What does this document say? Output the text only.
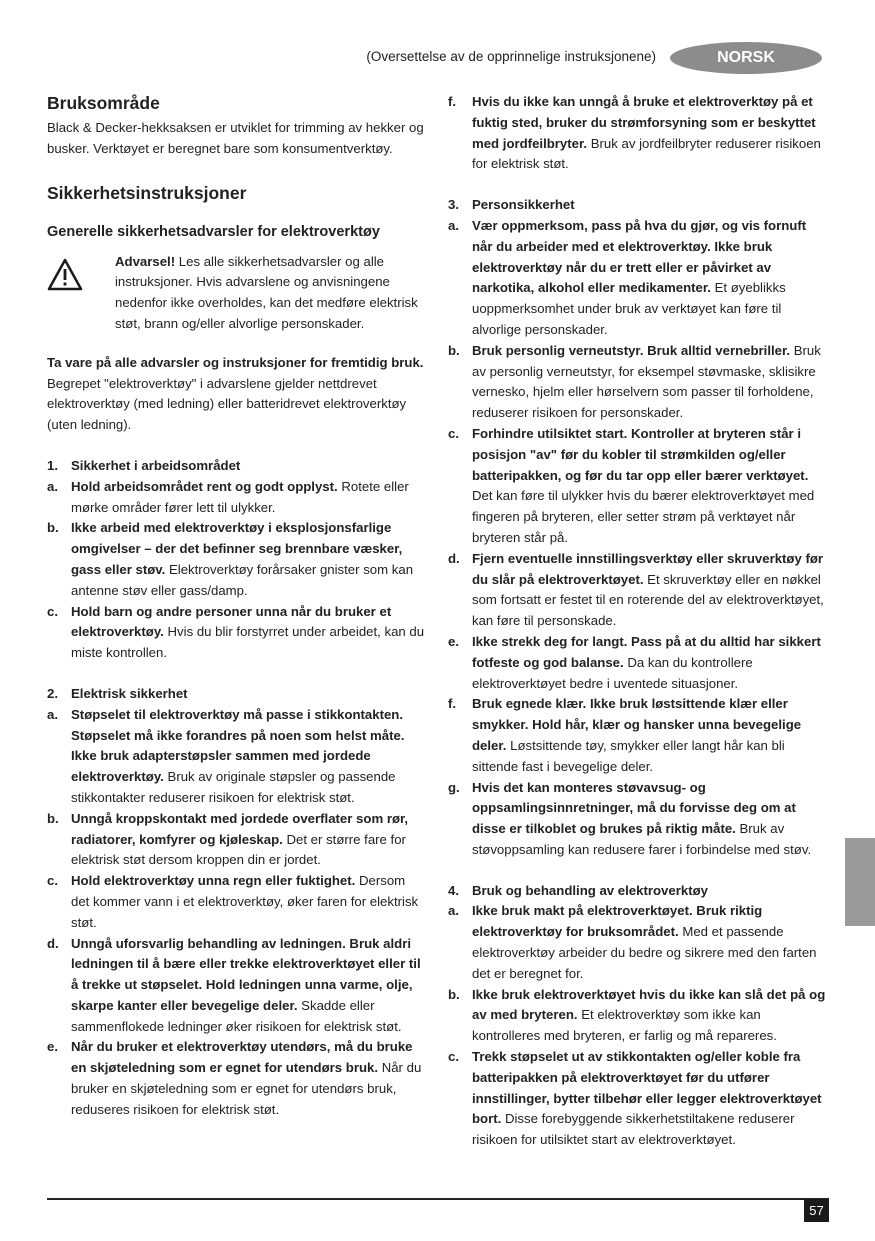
(Oversettelse av de opprinnelige instruksjonene)	NORSK
Bruksområde

Black & Decker-hekksaksen er utviklet for trimming av hekker og busker. Verktøyet er beregnet bare som konsumentverktøy.

Sikkerhetsinstruksjoner
Generelle sikkerhetsadvarsler for elektroverktøy

Advarsel! Les alle sikkerhetsadvarsler og alle instruksjoner. Hvis advarslene og anvisningene nedenfor ikke overholdes, kan det medføre elektrisk støt, brann og/eller alvorlige personskader.

Ta vare på alle advarsler og instruksjoner for fremtidig bruk. Begrepet "elektroverktøy" i advarslene gjelder nettdrevet elektroverktøy (med ledning) eller batteridrevet elektroverktøy (uten ledning).

1. Sikkerhet i arbeidsområdet
a. Hold arbeidsområdet rent og godt opplyst. Rotete eller mørke områder fører lett til ulykker.

b. Ikke arbeid med elektroverktøy i eksplosjonsfarlige omgivelser – der det befinner seg brennbare væsker, gass eller støv. Elektroverktøy forårsaker gnister som kan antenne støv eller gass/damp.

c. Hold barn og andre personer unna når du bruker et elektroverktøy. Hvis du blir forstyrret under arbeidet, kan du miste kontrollen.

2. Elektrisk sikkerhet
a. Støpselet til elektroverktøy må passe i stikkontakten. Støpselet må ikke forandres på noen som helst måte. Ikke bruk adapterstøpsler sammen med jordede elektroverktøy. Bruk av originale støpsler og passende stikkontakter reduserer risikoen for elektrisk støt.

b. Unngå kroppskontakt med jordede overflater som rør, radiatorer, komfyrer og kjøleskap. Det er større fare for elektrisk støt dersom kroppen din er jordet.

c. Hold elektroverktøy unna regn eller fuktighet. Dersom det kommer vann i et elektroverktøy, øker faren for elektrisk støt.

d. Unngå uforsvarlig behandling av ledningen. Bruk aldri ledningen til å bære eller trekke elektroverktøyet eller til å trekke ut støpselet. Hold ledningen unna varme, olje, skarpe kanter eller bevegelige deler. Skadde eller sammenflokede ledninger øker risikoen for elektrisk støt.

e. Når du bruker et elektroverktøy utendørs, må du bruke en skjøteledning som er egnet for utendørs bruk. Når du bruker en skjøteledning som er egnet for utendørs bruk, reduseres risikoen for elektrisk støt.

f.	Hvis du ikke kan unngå å bruke et elektroverktøy på et fuktig sted, bruker du strømforsyning som er beskyttet med jordfeilbryter. Bruk av jordfeilbryter reduserer risikoen for elektrisk støt.

3. Personsikkerhet
a. Vær oppmerksom, pass på hva du gjør, og vis fornuft når du arbeider med et elektroverktøy. Ikke bruk elektroverktøy når du er trett eller er påvirket av narkotika, alkohol eller medikamenter. Et øyeblikks uoppmerksomhet under bruk av verktøyet kan føre til alvorlige personskader.

b. Bruk personlig verneutstyr. Bruk alltid vernebriller. Bruk av personlig verneutstyr, for eksempel støvmaske, sklisikre vernesko, hjelm eller hørselvern som passer til forholdene, reduserer risikoen for personskader.

c. Forhindre utilsiktet start. Kontroller at bryteren står i posisjon "av" før du kobler til strømkilden og/eller batteripakken, og før du tar opp eller bærer verktøyet. Det kan føre til ulykker hvis du bærer elektroverktøyet med fingeren på bryteren, eller setter strøm på verktøyet når bryteren står på.

d. Fjern eventuelle innstillingsverktøy eller skruverktøy før du slår på elektroverktøyet. Et skruverktøy eller en nøkkel som fortsatt er festet til en roterende del av elektroverktøyet, kan føre til personskade.

e. Ikke strekk deg for langt. Pass på at du alltid har sikkert fotfeste og god balanse. Da kan du kontrollere elektroverktøyet bedre i uventede situasjoner.

f.	Bruk egnede klær. Ikke bruk løstsittende klær eller smykker. Hold hår, klær og hansker unna bevegelige deler. Løstsittende tøy, smykker eller langt hår kan bli sittende fast i bevegelige deler.

g. Hvis det kan monteres støvavsug- og oppsamlingsinnretninger, må du forvisse deg om at disse er tilkoblet og brukes på riktig måte. Bruk av støvoppsamling kan redusere farer i forbindelse med støv.

4. Bruk og behandling av elektroverktøy
a. Ikke bruk makt på elektroverktøyet. Bruk riktig elektroverktøy for bruksområdet. Med et passende elektroverktøy arbeider du bedre og sikrere med den farten det er beregnet for.

b. Ikke bruk elektroverktøyet hvis du ikke kan slå det på og av med bryteren. Et elektroverktøy som ikke kan kontrolleres med bryteren, er farlig og må repareres.

c. Trekk støpselet ut av stikkontakten og/eller koble fra batteripakken på elektroverktøyet før du utfører innstillinger, bytter tilbehør eller legger elektroverktøyet bort. Disse forebyggende sikkerhetstiltakene reduserer risikoen for utilsiktet start av elektroverktøyet.

57
